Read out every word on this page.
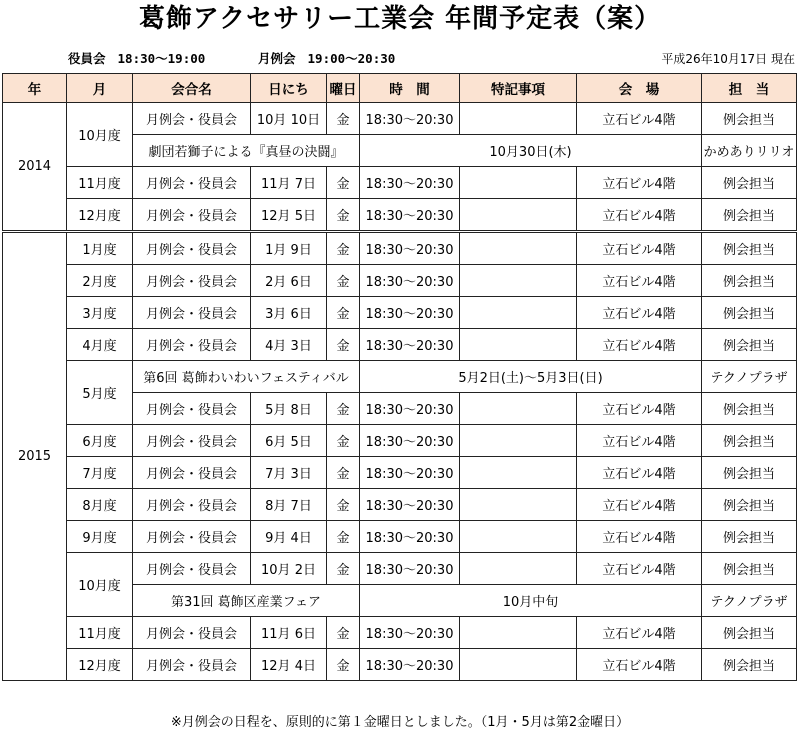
葛飾アクセサリー工業会 年間予定表（案）
役員会 18:30～19:00	月例会 19:00～20:30	平成26年10月17日 現在
年	月	会合名	日にち	曜日	時　間	特記事項	会　場	担　当	
2014	10月度	月例会・役員会	10月 10日	金	18:30～20:30		立石ビル4階	例会担当	
		劇団若獅子による『真昼の決闘』			10月30日(木)			かめありリリオ	
	11月度	月例会・役員会	11月 7日	金	18:30～20:30		立石ビル4階	例会担当	
	12月度	月例会・役員会	12月 5日	金	18:30～20:30		立石ビル4階	例会担当	

2015	1月度	月例会・役員会	1月 9日	金	18:30～20:30		立石ビル4階	例会担当	
	2月度	月例会・役員会	2月 6日	金	18:30～20:30		立石ビル4階	例会担当	
	3月度	月例会・役員会	3月 6日	金	18:30～20:30		立石ビル4階	例会担当	
	4月度	月例会・役員会	4月 3日	金	18:30～20:30		立石ビル4階	例会担当	
	5月度	第6回 葛飾わいわいフェスティバル			5月2日(土)～5月3日(日)			テクノプラザ	
		月例会・役員会	5月 8日	金	18:30～20:30		立石ビル4階	例会担当	
	6月度	月例会・役員会	6月 5日	金	18:30～20:30		立石ビル4階	例会担当	
	7月度	月例会・役員会	7月 3日	金	18:30～20:30		立石ビル4階	例会担当	
	8月度	月例会・役員会	8月 7日	金	18:30～20:30		立石ビル4階	例会担当	
	9月度	月例会・役員会	9月 4日	金	18:30～20:30		立石ビル4階	例会担当	
	10月度	月例会・役員会	10月 2日	金	18:30～20:30		立石ビル4階	例会担当	
		第31回 葛飾区産業フェア			10月中旬			テクノプラザ	
	11月度	月例会・役員会	11月 6日	金	18:30～20:30		立石ビル4階	例会担当	
	12月度	月例会・役員会	12月 4日	金	18:30～20:30		立石ビル4階	例会担当	
※月例会の日程を、原則的に第１金曜日としました。（1月・5月は第2金曜日）
